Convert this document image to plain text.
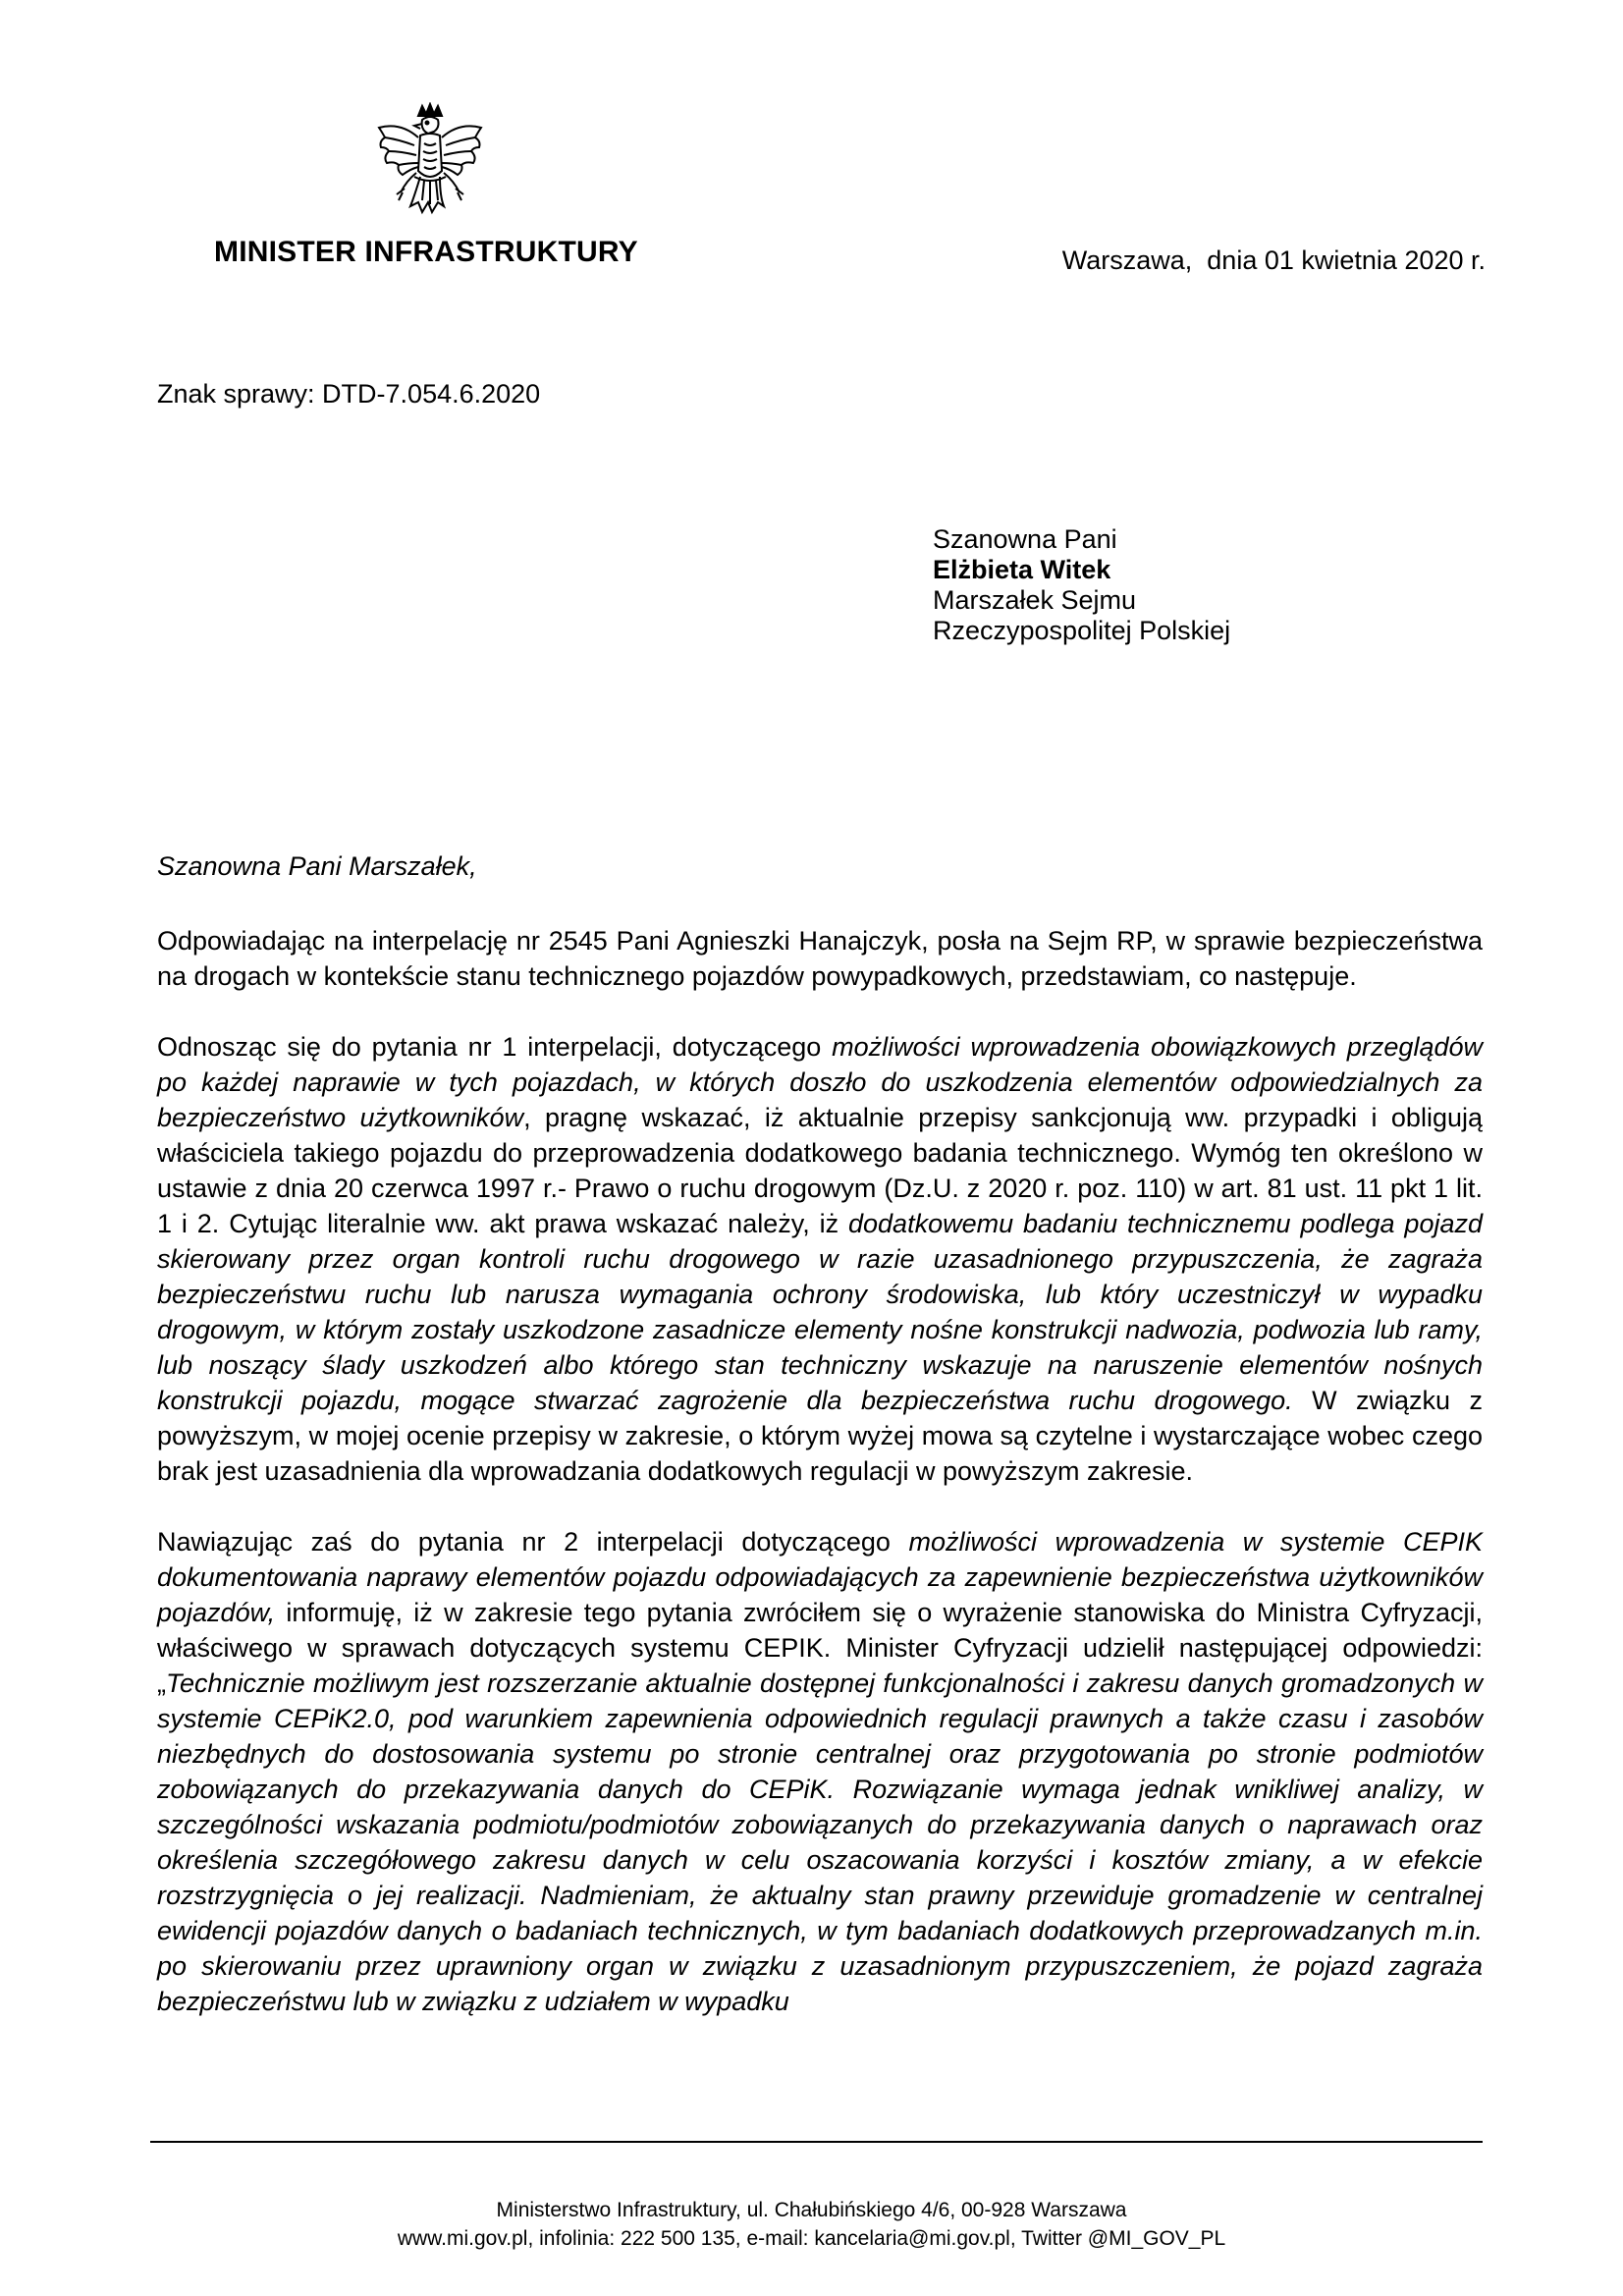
MINISTER INFRASTRUKTURY	Warszawa,  dnia 01 kwietnia 2020 r.
Znak sprawy: DTD-7.054.6.2020
Szanowna Pani
Elżbieta Witek
Marszałek Sejmu
Rzeczypospolitej Polskiej

Szanowna Pani Marszałek,

Odpowiadając na interpelację nr 2545 Pani Agnieszki Hanajczyk, posła na Sejm RP, w sprawie bezpieczeństwa na drogach w kontekście stanu technicznego pojazdów powypadkowych, przedstawiam, co następuje.

Odnosząc się do pytania nr 1 interpelacji, dotyczącego możliwości wprowadzenia obowiązkowych przeglądów po każdej naprawie w tych pojazdach, w których doszło do uszkodzenia elementów odpowiedzialnych za bezpieczeństwo użytkowników, pragnę wskazać, iż aktualnie przepisy sankcjonują ww. przypadki i obligują właściciela takiego pojazdu do przeprowadzenia dodatkowego badania technicznego. Wymóg ten określono w ustawie z dnia 20 czerwca 1997 r.- Prawo o ruchu drogowym (Dz.U. z 2020 r. poz. 110) w art. 81 ust. 11 pkt 1 lit. 1 i 2. Cytując literalnie ww. akt prawa wskazać należy, iż dodatkowemu badaniu technicznemu podlega pojazd skierowany przez organ kontroli ruchu drogowego w razie uzasadnionego przypuszczenia, że zagraża bezpieczeństwu ruchu lub narusza wymagania ochrony środowiska, lub który uczestniczył w wypadku drogowym, w którym zostały uszkodzone zasadnicze elementy nośne konstrukcji nadwozia, podwozia lub ramy, lub noszący ślady uszkodzeń albo którego stan techniczny wskazuje na naruszenie elementów nośnych konstrukcji pojazdu, mogące stwarzać zagrożenie dla bezpieczeństwa ruchu drogowego. W związku z powyższym, w mojej ocenie przepisy w zakresie, o którym wyżej mowa są czytelne i wystarczające wobec czego brak jest uzasadnienia dla wprowadzania dodatkowych regulacji w powyższym zakresie.

Nawiązując zaś do pytania nr 2 interpelacji dotyczącego możliwości wprowadzenia w systemie CEPIK dokumentowania naprawy elementów pojazdu odpowiadających za zapewnienie bezpieczeństwa użytkowników pojazdów, informuję, iż w zakresie tego pytania zwróciłem się o wyrażenie stanowiska do Ministra Cyfryzacji, właściwego w sprawach dotyczących systemu CEPIK. Minister Cyfryzacji udzielił następującej odpowiedzi: „Technicznie możliwym jest rozszerzanie aktualnie dostępnej funkcjonalności i zakresu danych gromadzonych w systemie CEPiK2.0, pod warunkiem zapewnienia odpowiednich regulacji prawnych a także czasu i zasobów niezbędnych do dostosowania systemu po stronie centralnej oraz przygotowania po stronie podmiotów zobowiązanych do przekazywania danych do CEPiK. Rozwiązanie wymaga jednak wnikliwej analizy, w szczególności wskazania podmiotu/podmiotów zobowiązanych do przekazywania danych o naprawach oraz określenia szczegółowego zakresu danych w celu oszacowania korzyści i kosztów zmiany, a w efekcie rozstrzygnięcia o jej realizacji. Nadmieniam, że aktualny stan prawny przewiduje gromadzenie w centralnej ewidencji pojazdów danych o badaniach technicznych, w tym badaniach dodatkowych przeprowadzanych m.in. po skierowaniu przez uprawniony organ w związku z uzasadnionym przypuszczeniem, że pojazd zagraża bezpieczeństwu lub w związku z udziałem w wypadku

Ministerstwo Infrastruktury, ul. Chałubińskiego 4/6, 00-928 Warszawa
www.mi.gov.pl, infolinia: 222 500 135, e-mail: kancelaria@mi.gov.pl, Twitter @MI_GOV_PL
